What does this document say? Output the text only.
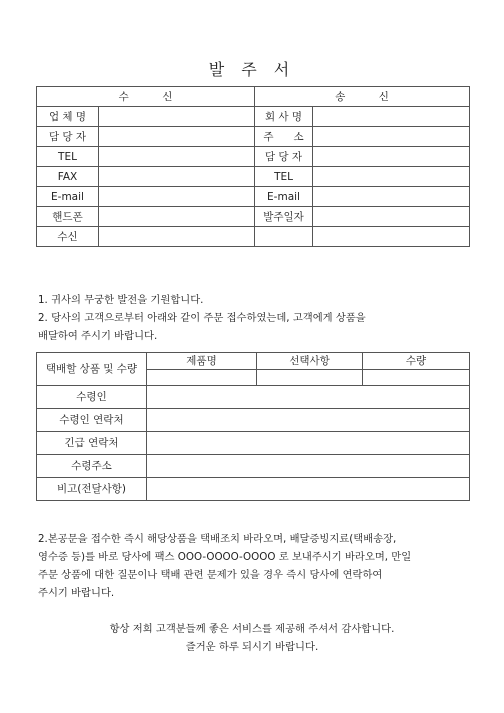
발 주 서
수          신		송          신	
업 체 명		회 사 명	
담 당 자		주      소	
TEL		담 당 자	
FAX		TEL	
E-mail		E-mail	
핸드폰		발주일자	
수신			
1. 귀사의 무궁한 발전을 기원합니다.
2. 당사의 고객으로부터 아래와 같이 주문 접수하였는데, 고객에게 상품을
배달하여 주시기 바랍니다.
택배할 상품 및 수량	제품명	선택사항	수량

수령인			
수령인 연락처			
긴급 연락처			
수령주소			
비고(전달사항)			
2.본공문을 접수한 즉시 해당상품을 택배조치 바라오며, 배달증빙지료(택배송장,
영수증 등)를 바로 당사에 팩스 OOO-OOOO-OOOO 로 보내주시기 바라오며, 만일
주문 상품에 대한 질문이나 택배 관련 문제가 있을 경우 즉시 당사에 연락하여
주시기 바랍니다.
항상 저희 고객분들께 좋은 서비스를 제공해 주셔서 감사합니다.
즐거운 하루 되시기 바랍니다.
